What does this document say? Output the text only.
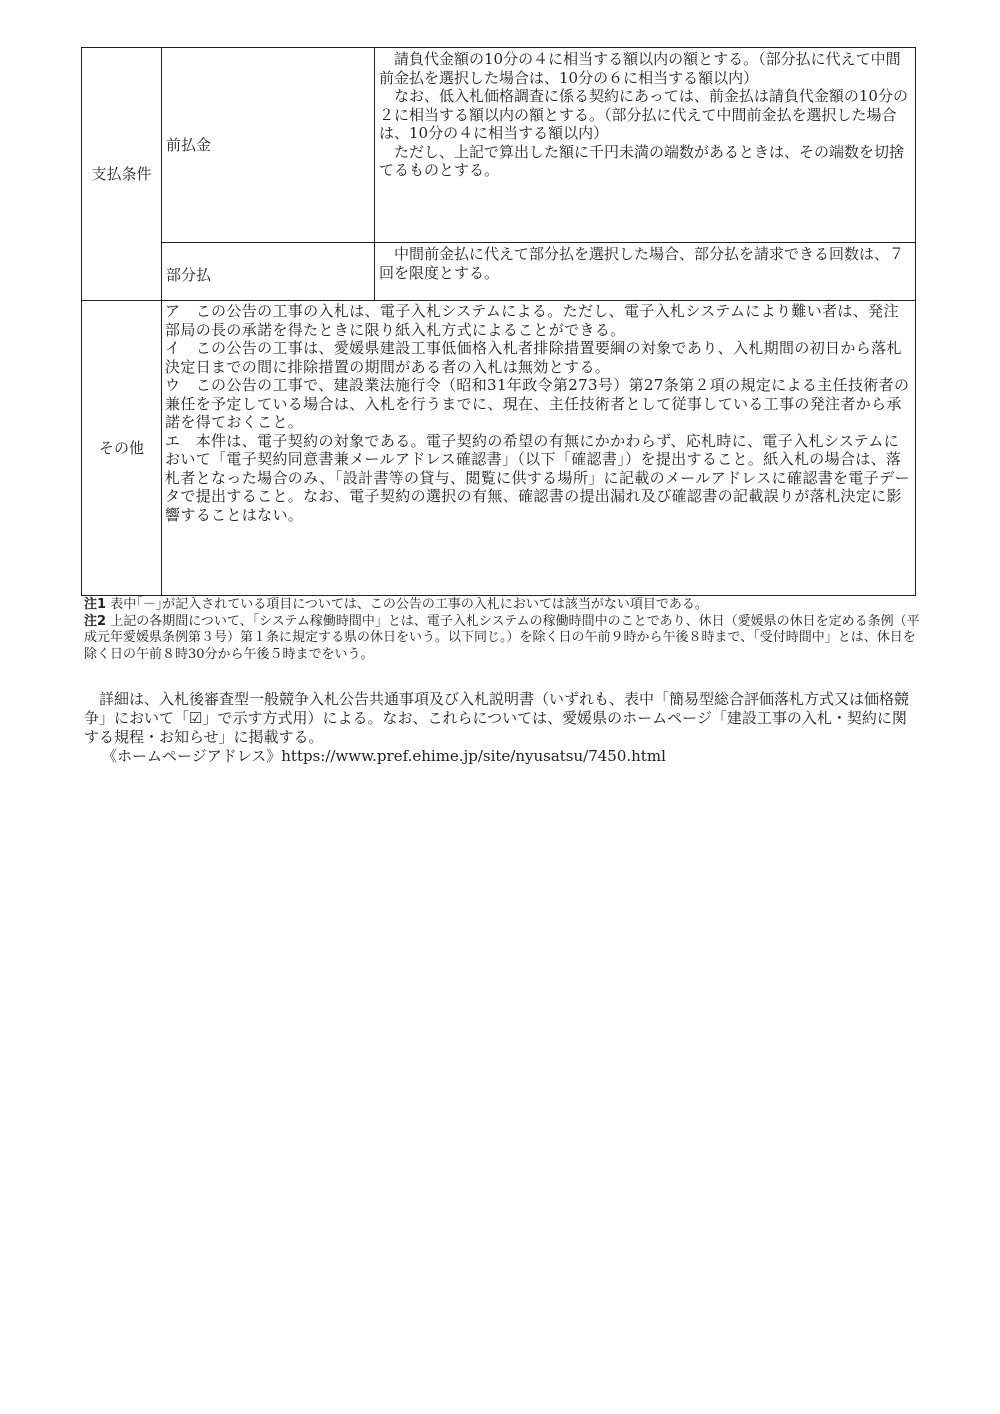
支払条件	前払金	請負代金額の10分の４に相当する額以内の額とする。（部分払に代えて中間前金払を選択した場合は、10分の６に相当する額以内）
なお、低入札価格調査に係る契約にあっては、前金払は請負代金額の10分の２に相当する額以内の額とする。（部分払に代えて中間前金払を選択した場合は、10分の４に相当する額以内）
ただし、上記で算出した額に千円未満の端数があるときは、その端数を切捨てるものとする。

	部分払	中間前金払に代えて部分払を選択した場合、部分払を請求できる回数は、７回を限度とする。

その他	ア　この公告の工事の入札は、電子入札システムによる。ただし、電子入札システムにより難い者は、発注部局の長の承諾を得たときに限り紙入札方式によることができる。
イ　この公告の工事は、愛媛県建設工事低価格入札者排除措置要綱の対象であり、入札期間の初日から落札決定日までの間に排除措置の期間がある者の入札は無効とする。
ウ　この公告の工事で、建設業法施行令（昭和31年政令第273号）第27条第２項の規定による主任技術者の兼任を予定している場合は、入札を行うまでに、現在、主任技術者として従事している工事の発注者から承諾を得ておくこと。
エ　本件は、電子契約の対象である。電子契約の希望の有無にかかわらず、応札時に、電子入札システムにおいて「電子契約同意書兼メールアドレス確認書」（以下「確認書」）を提出すること。紙入札の場合は、落札者となった場合のみ、「設計書等の貸与、閲覧に供する場所」に記載のメールアドレスに確認書を電子データで提出すること。なお、電子契約の選択の有無、確認書の提出漏れ及び確認書の記載誤りが落札決定に影響することはない。	
注1 表中｢－｣が記入されている項目については、この公告の工事の入札においては該当がない項目である。
注2 上記の各期間について、「システム稼働時間中」とは、電子入札システムの稼働時間中のことであり、休日（愛媛県の休日を定める条例（平成元年愛媛県条例第３号）第１条に規定する県の休日をいう。以下同じ。）を除く日の午前９時から午後８時まで、「受付時間中」とは、休日を除く日の午前８時30分から午後５時までをいう。
詳細は、入札後審査型一般競争入札公告共通事項及び入札説明書（いずれも、表中「簡易型総合評価落札方式又は価格競争」において「☑」で示す方式用）による。なお、これらについては、愛媛県のホームページ「建設工事の入札・契約に関する規程・お知らせ」に掲載する。
《ホームページアドレス》https://www.pref.ehime.jp/site/nyusatsu/7450.html
